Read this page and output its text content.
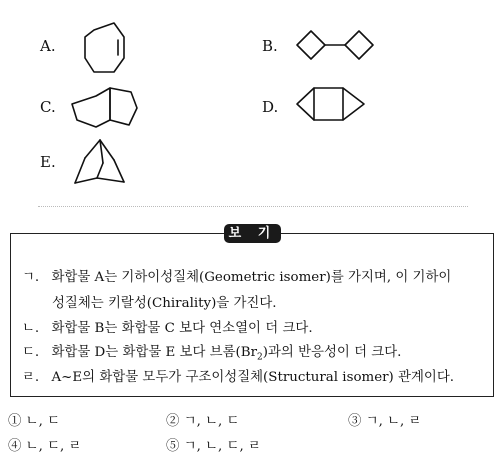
A.	B.
C.	D.
E.
보 기
ㄱ. 화합물 A는 기하이성질체(Geometric isomer)를 가지며, 이 기하이
성질체는 키랄성(Chirality)을 가진다.
ㄴ. 화합물 B는 화합물 C 보다 연소열이 더 크다.
ㄷ. 화합물 D는 화합물 E 보다 브롬$(Br_2)$과의 반응성이 더 크다.
ㄹ. A~E의 화합물 모두가 구조이성질체(Structural isomer) 관계이다.
① ㄴ, ㄷ	② ㄱ, ㄴ, ㄷ	③ ㄱ, ㄴ, ㄹ
④ ㄴ, ㄷ, ㄹ	⑤ ㄱ, ㄴ, ㄷ, ㄹ
